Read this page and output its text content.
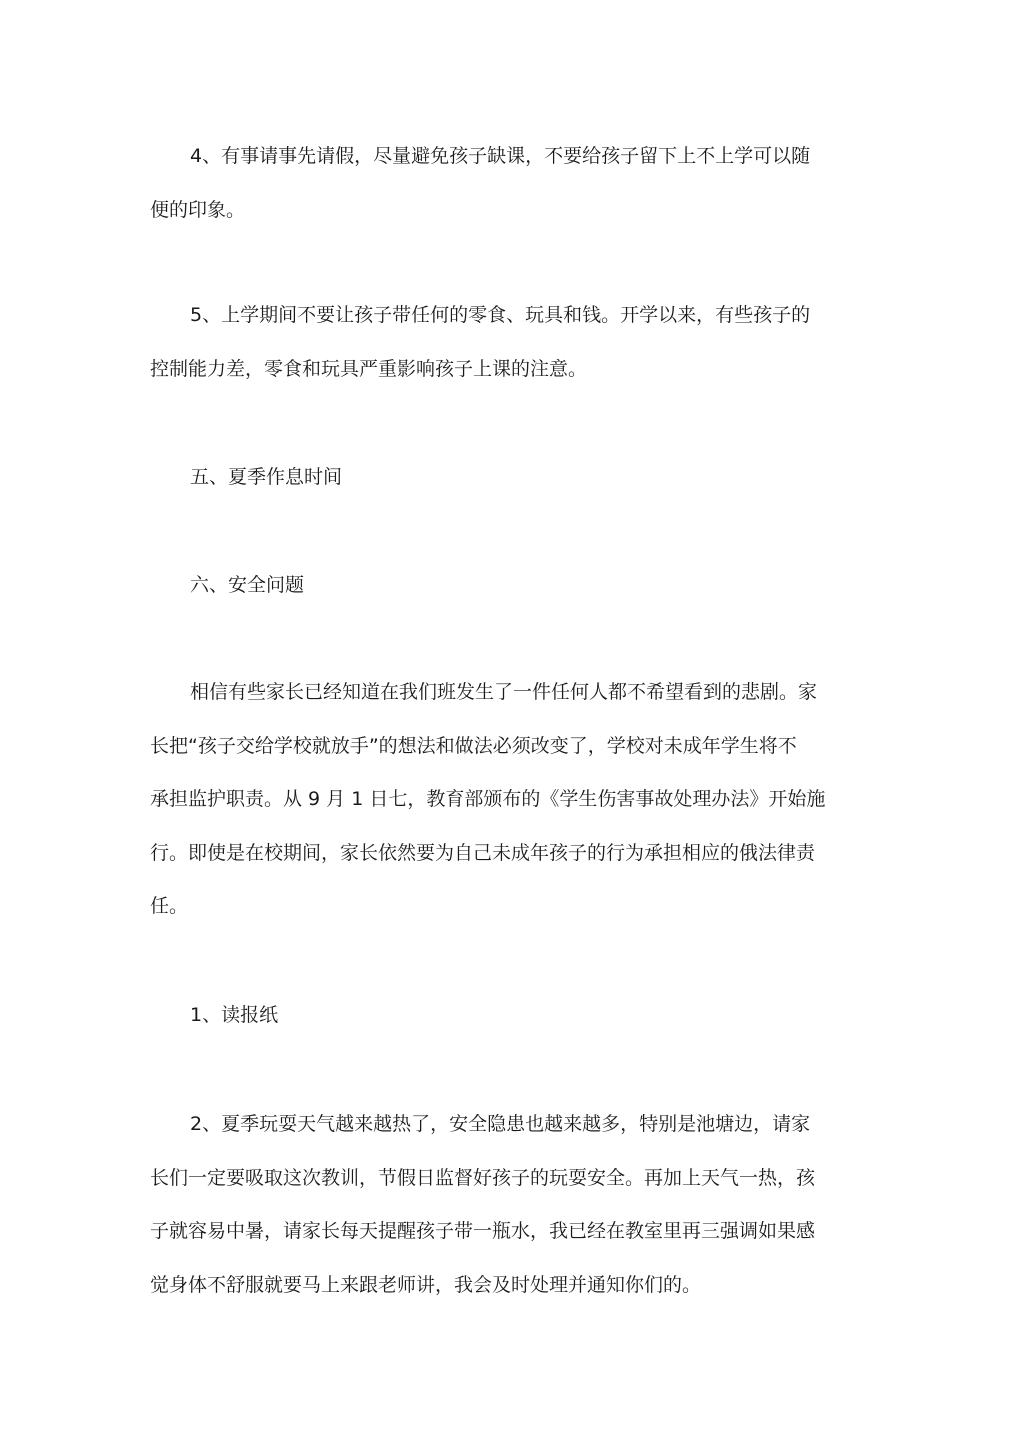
4、有事请事先请假，尽量避免孩子缺课，不要给孩子留下上不上学可以随
便的印象。
5、上学期间不要让孩子带任何的零食、玩具和钱。开学以来，有些孩子的
控制能力差，零食和玩具严重影响孩子上课的注意。
五、夏季作息时间
六、安全问题
相信有些家长已经知道在我们班发生了一件任何人都不希望看到的悲剧。家
长把“孩子交给学校就放手”的想法和做法必须改变了，学校对未成年学生将不
承担监护职责。从 9 月 1 日七，教育部颁布的《学生伤害事故处理办法》开始施
行。即使是在校期间，家长依然要为自己未成年孩子的行为承担相应的俄法律责
任。
1、读报纸
2、夏季玩耍天气越来越热了，安全隐患也越来越多，特别是池塘边，请家
长们一定要吸取这次教训，节假日监督好孩子的玩耍安全。再加上天气一热，孩
子就容易中暑，请家长每天提醒孩子带一瓶水，我已经在教室里再三强调如果感
觉身体不舒服就要马上来跟老师讲，我会及时处理并通知你们的。
